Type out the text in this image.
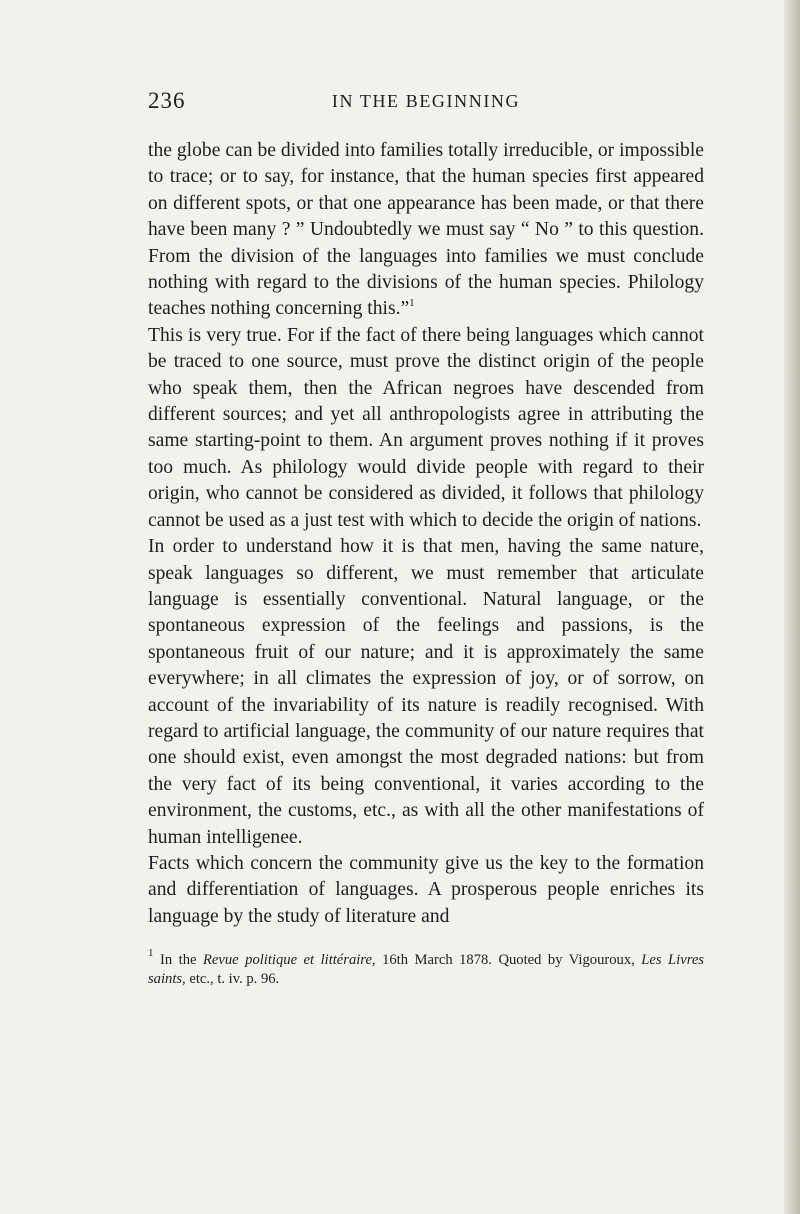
236	IN THE BEGINNING

the globe can be divided into families totally irreducible, or impossible to trace; or to say, for instance, that the human species first appeared on different spots, or that one appearance has been made, or that there have been many ? ” Undoubtedly we must say “ No ” to this question. From the division of the languages into families we must conclude nothing with regard to the divisions of the human species. Philology teaches nothing concerning this.”$^1$

This is very true. For if the fact of there being languages which cannot be traced to one source, must prove the distinct origin of the people who speak them, then the African negroes have descended from different sources; and yet all anthropologists agree in attributing the same starting-point to them. An argument proves nothing if it proves too much. As philology would divide people with regard to their origin, who cannot be considered as divided, it follows that philology cannot be used as a just test with which to decide the origin of nations.

In order to understand how it is that men, having the same nature, speak languages so different, we must remember that articulate language is essentially conventional. Natural language, or the spontaneous expression of the feelings and passions, is the spontaneous fruit of our nature; and it is approximately the same everywhere; in all climates the expression of joy, or of sorrow, on account of the invariability of its nature is readily recognised. With regard to artificial language, the community of our nature requires that one should exist, even amongst the most degraded nations: but from the very fact of its being conventional, it varies according to the environment, the customs, etc., as with all the other manifestations of human intelligenee.

Facts which concern the community give us the key to the formation and differentiation of languages. A prosperous people enriches its language by the study of literature and

$^1$ In the Revue politique et littéraire, 16th March 1878. Quoted by Vigouroux, Les Livres saints, etc., t. iv. p. 96.
